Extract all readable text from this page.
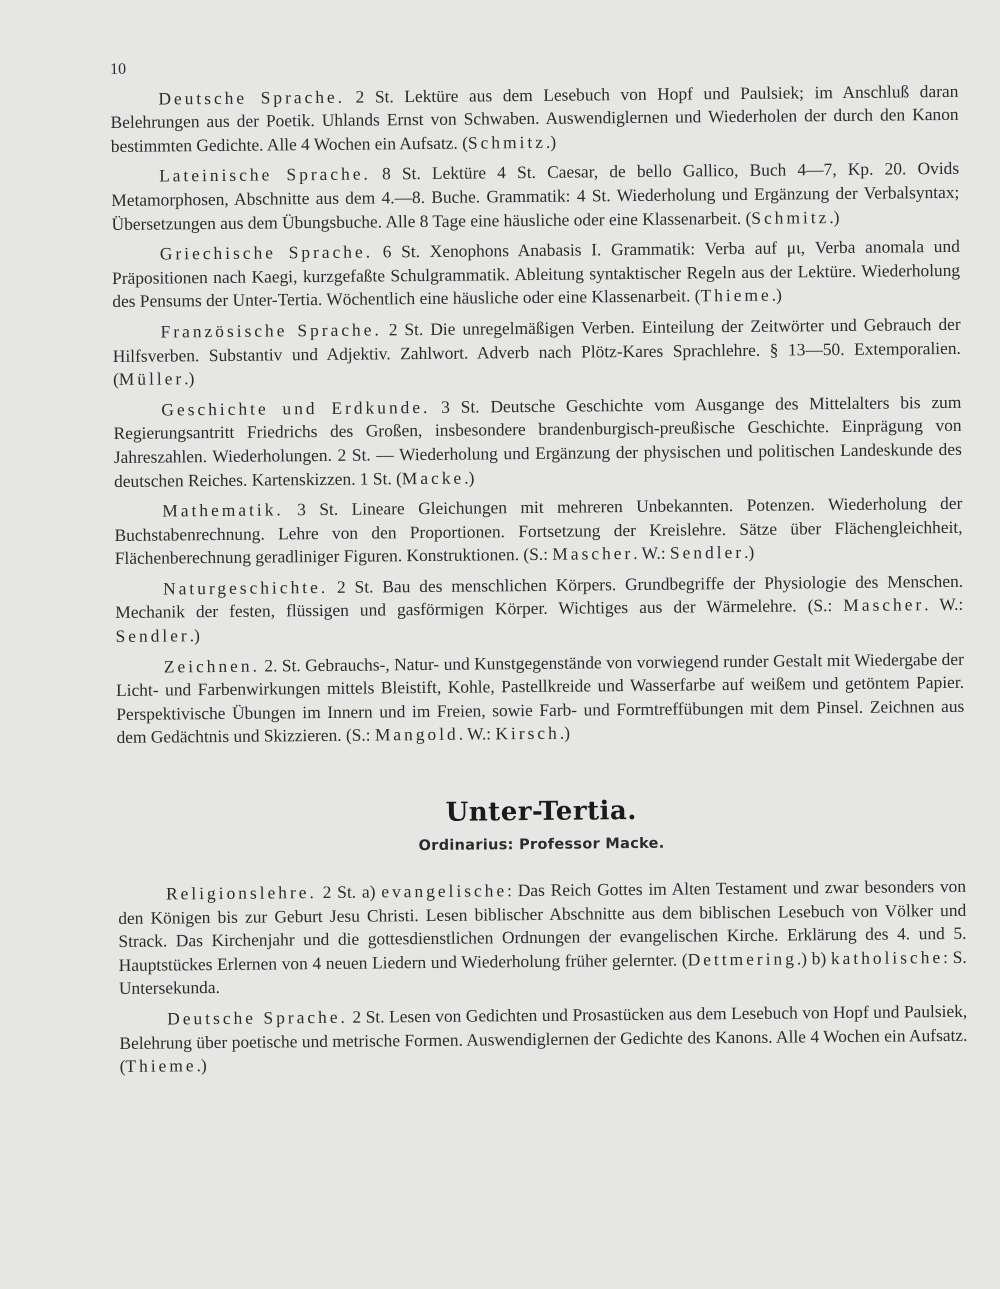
10

Deutsche Sprache. 2 St. Lektüre aus dem Lesebuch von Hopf und Paulsiek; im Anschluß daran Belehrungen aus der Poetik. Uhlands Ernst von Schwaben. Auswendiglernen und Wiederholen der durch den Kanon bestimmten Gedichte. Alle 4 Wochen ein Aufsatz. (Schmitz.)

Lateinische Sprache. 8 St. Lektüre 4 St. Caesar, de bello Gallico, Buch 4—7, Kp. 20. Ovids Metamorphosen, Abschnitte aus dem 4.—8. Buche. Grammatik: 4 St. Wiederholung und Ergänzung der Verbalsyntax; Übersetzungen aus dem Übungsbuche. Alle 8 Tage eine häusliche oder eine Klassenarbeit. (Schmitz.)

Griechische Sprache. 6 St. Xenophons Anabasis I. Grammatik: Verba auf μι, Verba anomala und Präpositionen nach Kaegi, kurzgefaßte Schulgrammatik. Ableitung syntaktischer Regeln aus der Lektüre. Wiederholung des Pensums der Unter-Tertia. Wöchentlich eine häusliche oder eine Klassenarbeit. (Thieme.)

Französische Sprache. 2 St. Die unregelmäßigen Verben. Einteilung der Zeitwörter und Gebrauch der Hilfsverben. Substantiv und Adjektiv. Zahlwort. Adverb nach Plötz-Kares Sprachlehre. § 13—50. Extemporalien. (Müller.)

Geschichte und Erdkunde. 3 St. Deutsche Geschichte vom Ausgange des Mittelalters bis zum Regierungsantritt Friedrichs des Großen, insbesondere brandenburgisch-preußische Geschichte. Einprägung von Jahreszahlen. Wiederholungen. 2 St. — Wiederholung und Ergänzung der physischen und politischen Landeskunde des deutschen Reiches. Kartenskizzen. 1 St. (Macke.)

Mathematik. 3 St. Lineare Gleichungen mit mehreren Unbekannten. Potenzen. Wiederholung der Buchstabenrechnung. Lehre von den Proportionen. Fortsetzung der Kreislehre. Sätze über Flächengleichheit, Flächenberechnung geradliniger Figuren. Konstruktionen. (S.: Mascher. W.: Sendler.)

Naturgeschichte. 2 St. Bau des menschlichen Körpers. Grundbegriffe der Physiologie des Menschen. Mechanik der festen, flüssigen und gasförmigen Körper. Wichtiges aus der Wärmelehre. (S.: Mascher. W.: Sendler.)

Zeichnen. 2. St. Gebrauchs-, Natur- und Kunstgegenstände von vorwiegend runder Gestalt mit Wiedergabe der Licht- und Farbenwirkungen mittels Bleistift, Kohle, Pastellkreide und Wasserfarbe auf weißem und getöntem Papier. Perspektivische Übungen im Innern und im Freien, sowie Farb- und Formtreffübungen mit dem Pinsel. Zeichnen aus dem Gedächtnis und Skizzieren. (S.: Mangold. W.: Kirsch.)

Unter-Tertia.
Ordinarius: Professor Macke.

Religionslehre. 2 St. a) evangelische: Das Reich Gottes im Alten Testament und zwar besonders von den Königen bis zur Geburt Jesu Christi. Lesen biblischer Abschnitte aus dem biblischen Lesebuch von Völker und Strack. Das Kirchenjahr und die gottesdienstlichen Ordnungen der evangelischen Kirche. Erklärung des 4. und 5. Hauptstückes Erlernen von 4 neuen Liedern und Wiederholung früher gelernter. (Dettmering.) b) katholische: S. Untersekunda.

Deutsche Sprache. 2 St. Lesen von Gedichten und Prosastücken aus dem Lesebuch von Hopf und Paulsiek, Belehrung über poetische und metrische Formen. Auswendiglernen der Gedichte des Kanons. Alle 4 Wochen ein Aufsatz. (Thieme.)
